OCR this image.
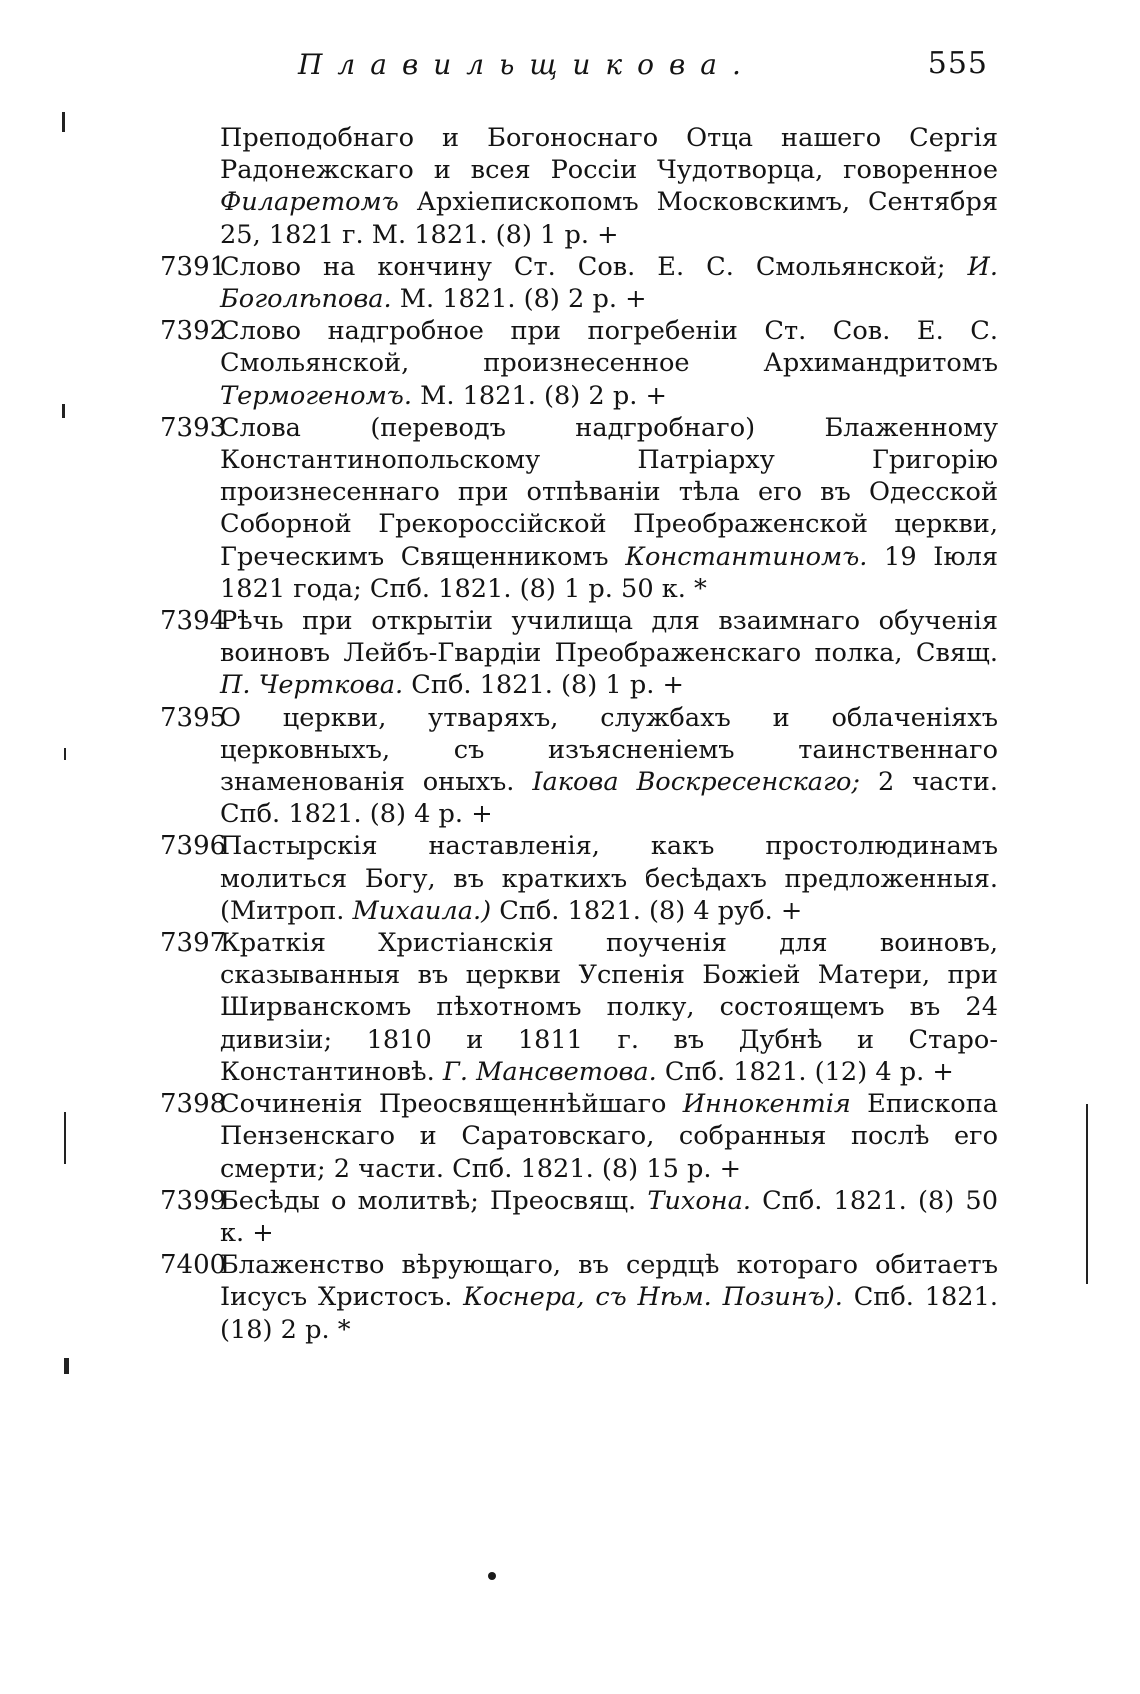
Плавильщикова.	555
Преподобнаго и Богоноснаго Отца нашего Сергія Радонежскаго и всея Россіи Чудотворца, говоренное Филаретомъ Архіепископомъ Московскимъ, Сентября 25, 1821 г. М. 1821. (8) 1 р. +
7391
Слово на кончину Ст. Сов. Е. С. Смольянской; И. Боголѣпова. М. 1821. (8) 2 р. +
7392
Слово надгробное при погребеніи Ст. Сов. Е. С. Смольянской, произнесенное Архимандритомъ Термогеномъ. М. 1821. (8) 2 р. +
7393
Слова (переводъ надгробнаго) Блаженному Константинопольскому Патріарху Григорію произнесеннаго при отпѣваніи тѣла его въ Одесской Соборной Грекороссійской Преображенской церкви, Греческимъ Священникомъ Константиномъ. 19 Іюля 1821 года; Спб. 1821. (8) 1 р. 50 к. *
7394
Рѣчь при открытіи училища для взаимнаго обученія воиновъ Лейбъ-Гвардіи Преображенскаго полка, Свящ. П. Черткова. Спб. 1821. (8) 1 р. +
7395
О церкви, утваряхъ, службахъ и облаченіяхъ церковныхъ, съ изъясненіемъ таинственнаго знаменованія оныхъ. Іакова Воскресенскаго; 2 части. Спб. 1821. (8) 4 р. +
7396
Пастырскія наставленія, какъ простолюдинамъ молиться Богу, въ краткихъ бесѣдахъ предложенныя. (Митроп. Михаила.) Спб. 1821. (8) 4 руб. +
7397
Краткія Христіанскія поученія для воиновъ, сказыванныя въ церкви Успенія Божіей Матери, при Ширванскомъ пѣхотномъ полку, состоящемъ въ 24 дивизіи; 1810 и 1811 г. въ Дубнѣ и Старо-Константиновѣ. Г. Мансветова. Спб. 1821. (12) 4 р. +
7398
Сочиненія Преосвященнѣйшаго Иннокентія Епископа Пензенскаго и Саратовскаго, собранныя послѣ его смерти; 2 части. Спб. 1821. (8) 15 р. +
7399
Бесѣды о молитвѣ; Преосвящ. Тихона. Спб. 1821. (8) 50 к. +
7400
Блаженство вѣрующаго, въ сердцѣ котораго обитаетъ Іисусъ Христосъ. Коснера, съ Нѣм. Позинъ). Спб. 1821. (18) 2 р. *
